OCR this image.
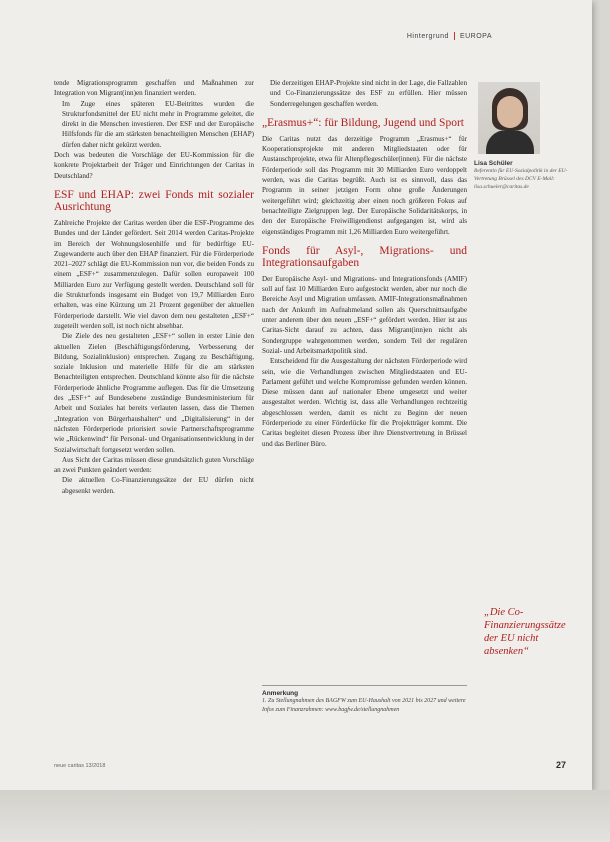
Hintergrund EUROPA

tende Migrationsprogramm geschaffen und Maßnahmen zur Integration von Migrant(inn)en finanziert werden.

• Im Zuge eines späteren EU-Beitrittes wurden die Strukturfondsmittel der EU nicht mehr in Programme geleitet, die direkt in die Menschen investieren. Der ESF und der Europäische Hilfsfonds für die am stärksten benachteiligten Menschen (EHAP) dürfen daher nicht gekürzt werden.

Doch was bedeuten die Vorschläge der EU-Kommission für die konkrete Projektarbeit der Träger und Einrichtungen der Caritas in Deutschland?

ESF und EHAP: zwei Fonds mit sozialer Ausrichtung

Zahlreiche Projekte der Caritas werden über die ESF-Programme des Bundes und der Länder gefördert. Seit 2014 werden Caritas-Projekte im Bereich der Wohnungslosenhilfe und für bedürftige EU-Zugewanderte auch über den EHAP finanziert. Für die Förderperiode 2021–2027 schlägt die EU-Kommission nun vor, die beiden Fonds zu einem „ESF+“ zusammenzulegen. Dafür sollen europaweit 100 Milliarden Euro zur Verfügung gestellt werden. Deutschland soll für die Strukturfonds insgesamt ein Budget von 19,7 Milliarden Euro erhalten, was eine Kürzung um 21 Prozent gegenüber der aktuellen Förderperiode darstellt. Wie viel davon dem neu gestalteten „ESF+“ zugeteilt werden soll, ist noch nicht absehbar.

Die Ziele des neu gestalteten „ESF+“ sollen in erster Linie den aktuellen Zielen (Beschäftigungsförderung, Verbesserung der Bildung, Sozialinklusion) entsprechen. Zugang zu Beschäftigung, soziale Inklusion und materielle Hilfe für die am stärksten Benachteiligten entsprechen. Deutschland könnte also für die nächste Förderperiode ähnliche Programme auflegen. Das für die Umsetzung des „ESF+“ auf Bundesebene zuständige Bundesministerium für Arbeit und Soziales hat bereits verlauten lassen, dass die Themen „Integration von Bürgerhaushalten“ und „Digitalisierung“ in der nächsten Förderperiode priorisiert sowie Partnerschaftsprogramme wie „Rückenwind“ für Personal- und Organisationsentwicklung in der Sozialwirtschaft fortgesetzt werden sollen.

Aus Sicht der Caritas müssen diese grundsätzlich guten Vorschläge an zwei Punkten geändert werden:

• Die aktuellen Co-Finanzierungssätze der EU dürfen nicht abgesenkt werden.
• Die derzeitigen EHAP-Projekte sind nicht in der Lage, die Fallzahlen und Co-Finanzierungssätze des ESF zu erfüllen. Hier müssen Sonderregelungen geschaffen werden.
„Erasmus+“: für Bildung, Jugend und Sport

Die Caritas nutzt das derzeitige Programm „Erasmus+“ für Kooperationsprojekte mit anderen Mitgliedstaaten oder für Austauschprojekte, etwa für Altenpflegeschüler(innen). Für die nächste Förderperiode soll das Programm mit 30 Milliarden Euro verdoppelt werden, was die Caritas begrüßt. Auch ist es sinnvoll, dass das Programm in seiner jetzigen Form ohne große Änderungen weitergeführt wird; gleichzeitig aber einen noch größeren Fokus auf benachteiligte Zielgruppen legt. Der Europäische Solidaritätskorps, in den der Europäische Freiwilligendienst aufgegangen ist, wird als eigenständiges Programm mit 1,26 Milliarden Euro weitergeführt.

Fonds für Asyl-, Migrations- und Integrationsaufgaben

Der Europäische Asyl- und Migrations- und Integrationsfonds (AMIF) soll auf fast 10 Milliarden Euro aufgestockt werden, aber nur noch die Bereiche Asyl und Migration umfassen. AMIF-Integrationsmaßnahmen nach der Ankunft im Aufnahmeland sollen als Querschnittsaufgabe unter anderem über den neuen „ESF+“ gefördert werden. Hier ist aus Caritas-Sicht darauf zu achten, dass Migrant(inn)en nicht als Sondergruppe wahrgenommen werden, sondern Teil der regulären Sozial- und Arbeitsmarktpolitik sind.

Entscheidend für die Ausgestaltung der nächsten Förderperiode wird sein, wie die Verhandlungen zwischen Mitgliedstaaten und EU-Parlament geführt und welche Kompromisse gefunden werden können. Diese müssen dann auf nationaler Ebene umgesetzt und weiter ausgestaltet werden. Wichtig ist, dass alle Verhandlungen rechtzeitig abgeschlossen werden, damit es nicht zu Beginn der neuen Förderperiode zu einer Förderlücke für die Projektträger kommt. Die Caritas begleitet diesen Prozess über ihre Dienstvertretung in Brüssel und das Berliner Büro.

Anmerkung
1. Zu Stellungnahmen des BAGFW zum EU-Haushalt von 2021 bis 2027 und weitere Infos zum Finanzrahmen: www.bagfw.de/stellungnahmen
Lisa Schüler
Referentin für EU-Sozialpolitik in der EU-Vertretung Brüssel des DCV E-Mail: lisa.schueler@caritas.de
„Die Co-Finanzierungssätze der EU nicht absenken“
neue caritas 13/2018	27
